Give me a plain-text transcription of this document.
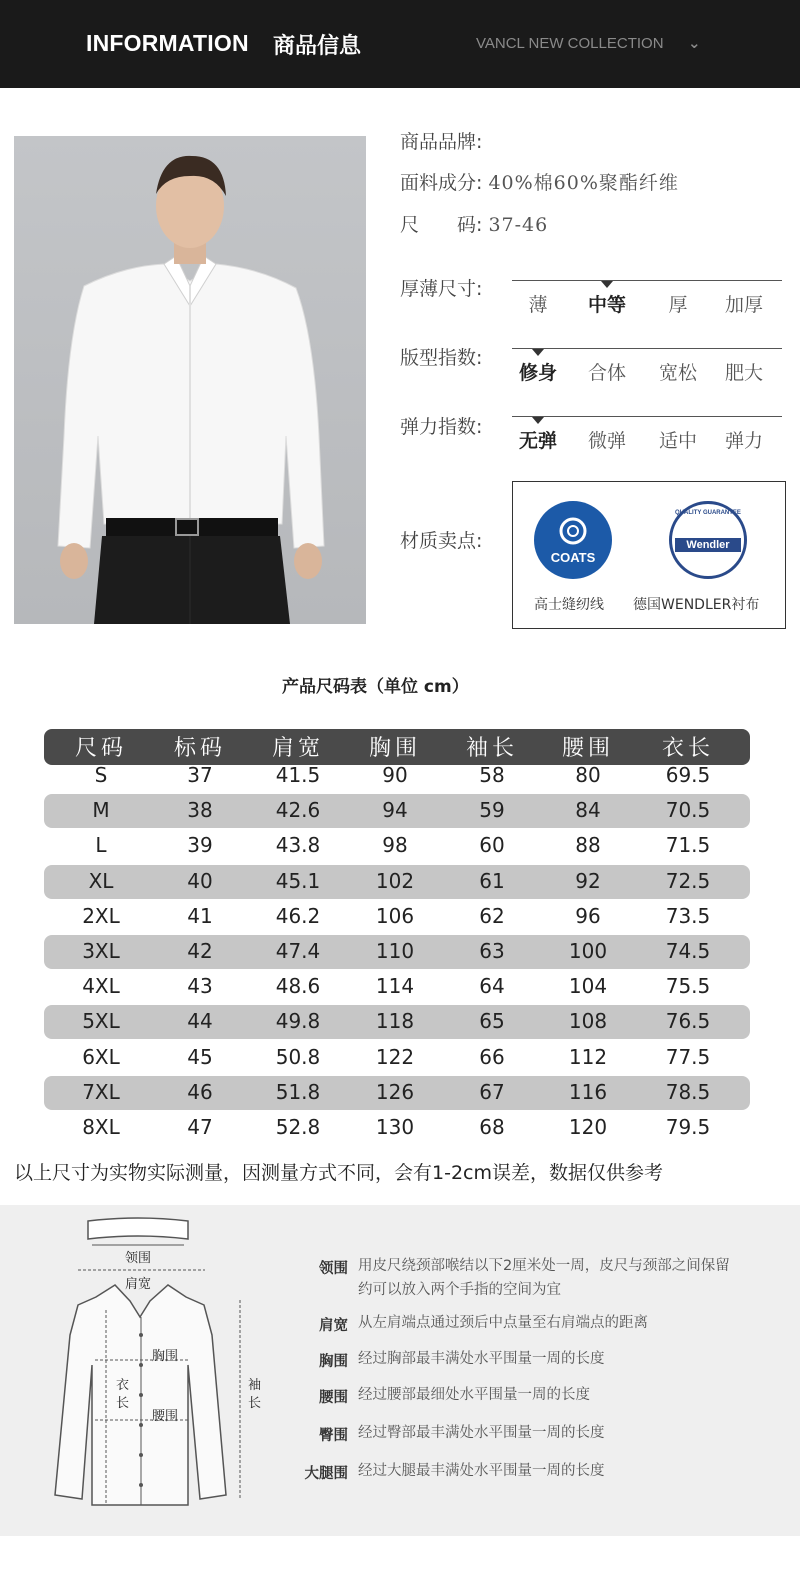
INFORMATION 商品信息	VANCL NEW COLLECTION ⌄
商品品牌:
面料成分: 40%棉60%聚酯纤维
尺　　码: 37-46
厚薄尺寸:
薄	中等	厚	加厚
版型指数:
修身	合体	宽松	肥大
弹力指数:
无弹	微弹	适中	弹力
材质卖点:
COATS
QUALITY GUARANTEE
Wendler
高士缝纫线 德国WENDLER衬布
产品尺码表（单位 cm）
尺码	标码	肩宽	胸围	袖长	腰围	衣长
S	37	41.5	90	58	80	69.5
M	38	42.6	94	59	84	70.5
L	39	43.8	98	60	88	71.5
XL	40	45.1	102	61	92	72.5
2XL	41	46.2	106	62	96	73.5
3XL	42	47.4	110	63	100	74.5
4XL	43	48.6	114	64	104	75.5
5XL	44	49.8	118	65	108	76.5
6XL	45	50.8	122	66	112	77.5
7XL	46	51.8	126	67	116	78.5
8XL	47	52.8	130	68	120	79.5
以上尺寸为实物实际测量，因测量方式不同，会有1-2cm误差，数据仅供参考
领围
肩宽
胸围
衣长
腰围
袖长
领围 用皮尺绕颈部喉结以下2厘米处一周，皮尺与颈部之间保留
约可以放入两个手指的空间为宜
肩宽 从左肩端点通过颈后中点量至右肩端点的距离
胸围 经过胸部最丰满处水平围量一周的长度
腰围 经过腰部最细处水平围量一周的长度
臀围 经过臀部最丰满处水平围量一周的长度
大腿围 经过大腿最丰满处水平围量一周的长度
